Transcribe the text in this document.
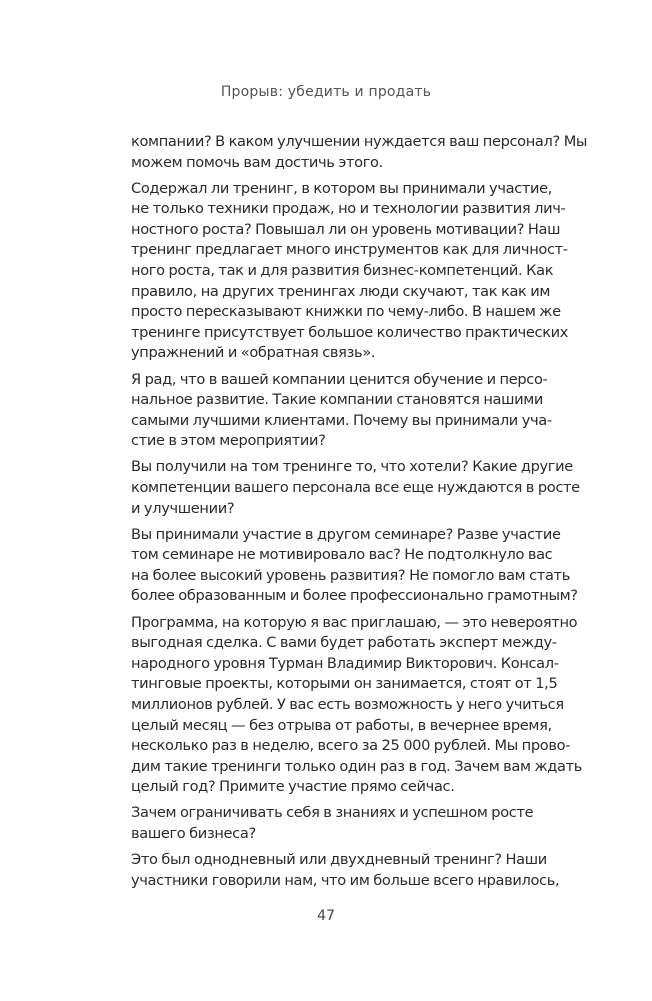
Прорыв: убедить и продать
компании? В каком улучшении нуждается ваш персонал? Мы
можем помочь вам достичь этого.
Содержал ли тренинг, в котором вы принимали участие,
не только техники продаж, но и технологии развития лич-
ностного роста? Повышал ли он уровень мотивации? Наш
тренинг предлагает много инструментов как для личност-
ного роста, так и для развития бизнес-компетенций. Как
правило, на других тренингах люди скучают, так как им
просто пересказывают книжки по чему-либо. В нашем же
тренинге присутствует большое количество практических
упражнений и «обратная связь».
Я рад, что в вашей компании ценится обучение и персо-
нальное развитие. Такие компании становятся нашими
самыми лучшими клиентами. Почему вы принимали уча-
стие в этом мероприятии?
Вы получили на том тренинге то, что хотели? Какие другие
компетенции вашего персонала все еще нуждаются в росте
и улучшении?
Вы принимали участие в другом семинаре? Разве участие
том семинаре не мотивировало вас? Не подтолкнуло вас
на более высокий уровень развития? Не помогло вам стать
более образованным и более профессионально грамотным?
Программа, на которую я вас приглашаю, — это невероятно
выгодная сделка. С вами будет работать эксперт между-
народного уровня Турман Владимир Викторович. Консал-
тинговые проекты, которыми он занимается, стоят от 1,5
миллионов рублей. У вас есть возможность у него учиться
целый месяц — без отрыва от работы, в вечернее время,
несколько раз в неделю, всего за 25 000 рублей. Мы прово-
дим такие тренинги только один раз в год. Зачем вам ждать
целый год? Примите участие прямо сейчас.
Зачем ограничивать себя в знаниях и успешном росте
вашего бизнеса?
Это был однодневный или двухдневный тренинг? Наши
участники говорили нам, что им больше всего нравилось,
47
